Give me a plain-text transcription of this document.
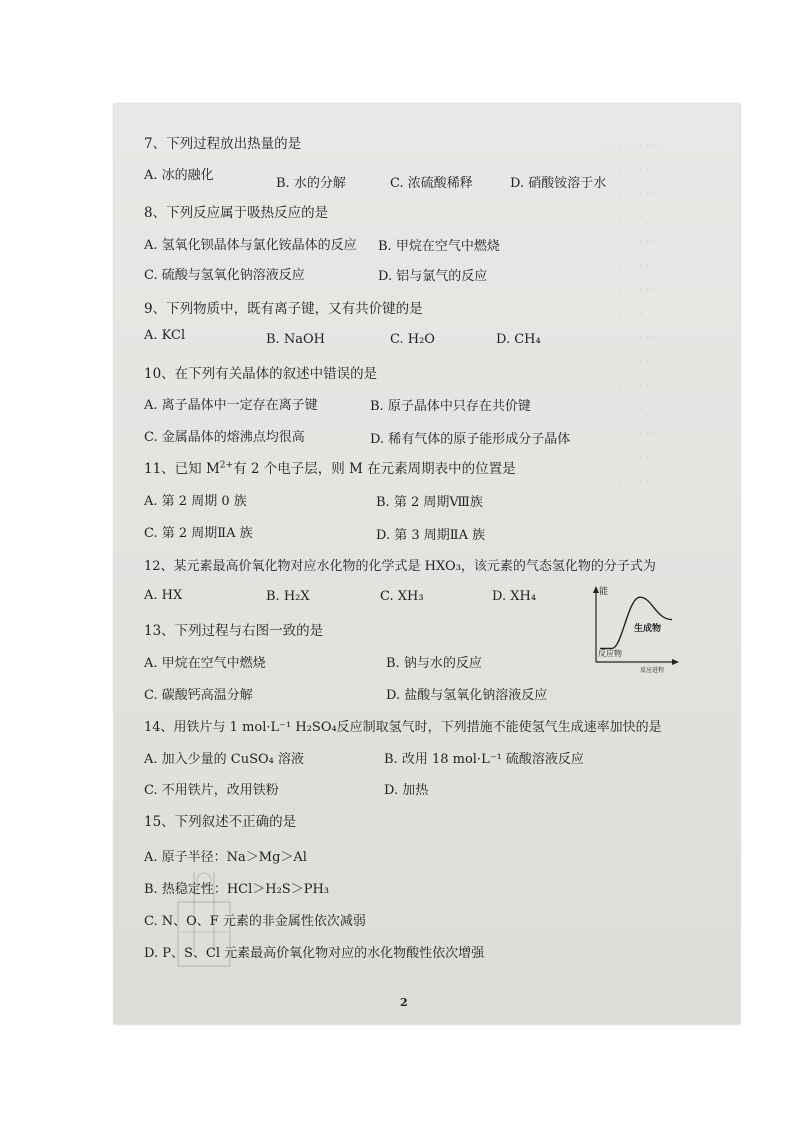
· · · · · · · · ·
· · · · · · ·
· · · · · · · ·
· · · · · ·
· · · · · · · ·
· · · · · · ·
· · · · · · · · ·
· · · · · ·
· · · · · · · ·
· · · · · · ·
· · · · · · · · ·
· · · · · ·
· · · · · · · ·
· · · · · · ·
· · · · · · · · ·
7、下列过程放出热量的是
A. 冰的融化
B. 水的分解	C. 浓硫酸稀释	D. 硝酸铵溶于水
8、下列反应属于吸热反应的是
A. 氢氧化钡晶体与氯化铵晶体的反应 B. 甲烷在空气中燃烧
C. 硫酸与氢氧化钠溶液反应	D. 铝与氯气的反应
9、下列物质中，既有离子键，又有共价键的是
A. KCl	B. NaOH	C. H₂O	D. CH₄
10、在下列有关晶体的叙述中错误的是
A. 离子晶体中一定存在离子键	B. 原子晶体中只存在共价键
C. 金属晶体的熔沸点均很高	D. 稀有气体的原子能形成分子晶体
11、已知 $M^{2+}$有 2 个电子层，则 M 在元素周期表中的位置是
A. 第 2 周期 0 族	B. 第 2 周期Ⅷ族
C. 第 2 周期ⅡA 族	D. 第 3 周期ⅡA 族
12、某元素最高价氧化物对应水化物的化学式是 HXO₃，该元素的气态氢化物的分子式为
A. HX	B. H₂X	C. XH₃	D. XH₄
13、下列过程与右图一致的是
A. 甲烷在空气中燃烧	B. 钠与水的反应
C. 碳酸钙高温分解	D. 盐酸与氢氧化钠溶液反应
能
生成物
反应物
反应进程
14、用铁片与 1 mol·L⁻¹ H₂SO₄反应制取氢气时，下列措施不能使氢气生成速率加快的是
A. 加入少量的 CuSO₄ 溶液	B. 改用 18 mol·L⁻¹ 硫酸溶液反应
C. 不用铁片，改用铁粉	D. 加热
15、下列叙述不正确的是
A. 原子半径：Na＞Mg＞Al
B. 热稳定性：HCl＞H₂S＞PH₃
C. N、O、F 元素的非金属性依次减弱
D. P、S、Cl 元素最高价氧化物对应的水化物酸性依次增强
2
